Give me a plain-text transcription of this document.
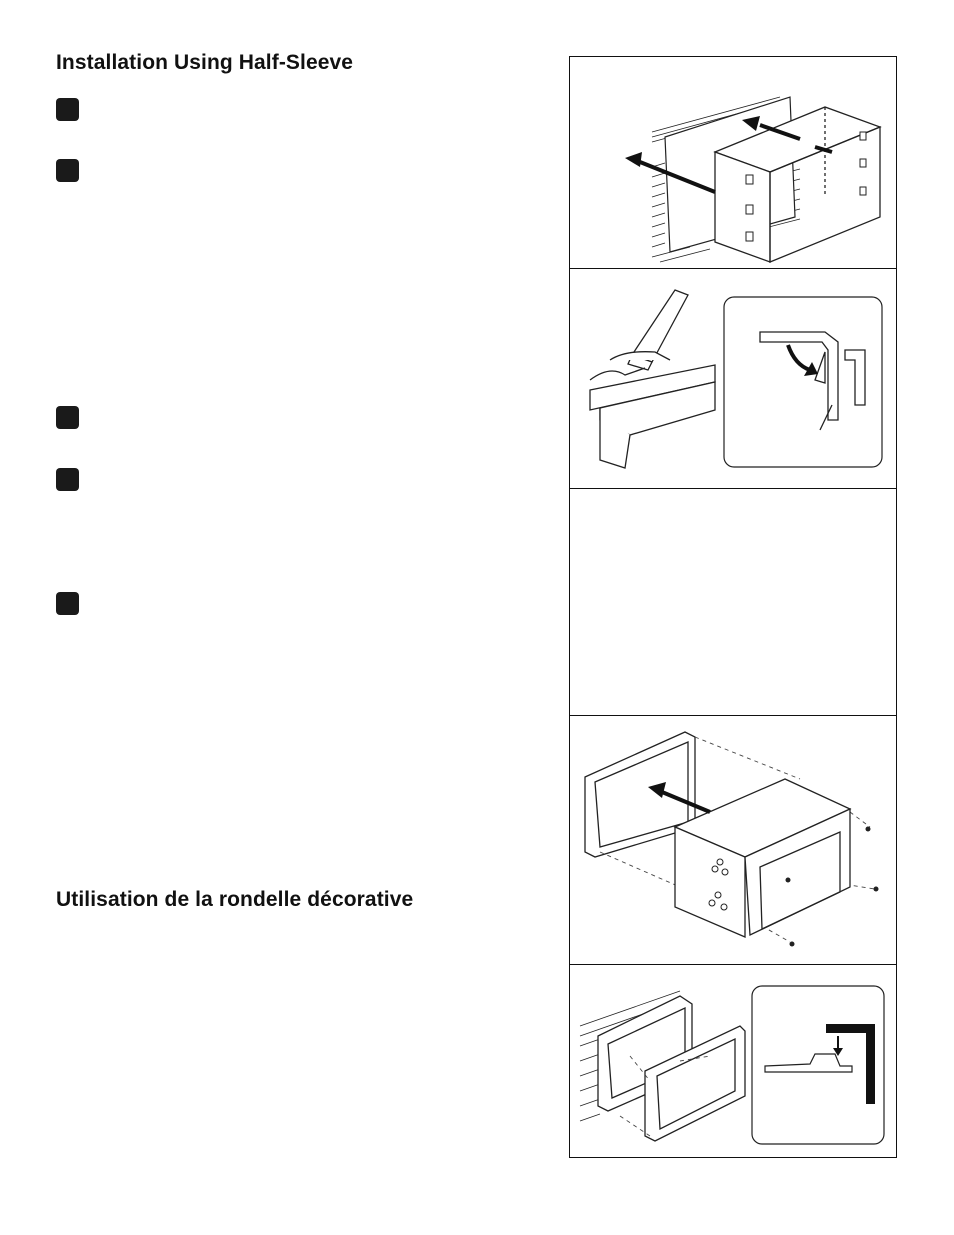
Installation Using Half-Sleeve
Utilisation de la rondelle décorative
